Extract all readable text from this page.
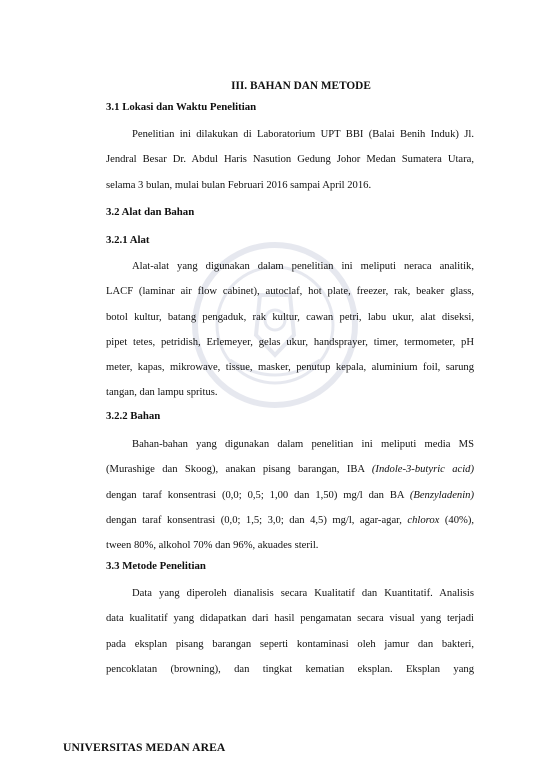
III. BAHAN DAN METODE
3.1 Lokasi dan Waktu Penelitian
Penelitian ini dilakukan di Laboratorium UPT BBI (Balai Benih Induk) Jl.
Jendral Besar Dr. Abdul Haris Nasution Gedung Johor Medan Sumatera Utara,
selama 3 bulan, mulai bulan Februari 2016 sampai April 2016.
3.2 Alat dan Bahan
3.2.1 Alat
Alat-alat yang digunakan dalam penelitian ini meliputi neraca analitik,
LACF (laminar air flow cabinet), autoclaf, hot plate, freezer, rak, beaker glass,
botol kultur, batang pengaduk, rak kultur, cawan petri, labu ukur, alat diseksi,
pipet tetes, petridish, Erlemeyer, gelas ukur, handsprayer, timer, termometer, pH
meter, kapas, mikrowave, tissue, masker, penutup kepala, aluminium foil, sarung
tangan, dan lampu spritus.
3.2.2 Bahan
Bahan-bahan yang digunakan dalam penelitian ini meliputi media MS
(Murashige dan Skoog), anakan pisang barangan, IBA (Indole-3-butyric acid)
dengan taraf konsentrasi (0,0; 0,5; 1,00 dan 1,50) mg/l dan BA (Benzyladenin)
dengan taraf konsentrasi (0,0; 1,5; 3,0; dan 4,5) mg/l, agar-agar, chlorox (40%),
tween 80%, alkohol 70% dan 96%, akuades steril.
3.3 Metode Penelitian
Data yang diperoleh dianalisis secara Kualitatif dan Kuantitatif. Analisis
data kualitatif yang didapatkan dari hasil pengamatan secara visual yang terjadi
pada eksplan pisang barangan seperti kontaminasi oleh jamur dan bakteri,
pencoklatan (browning), dan tingkat kematian eksplan. Eksplan yang
UNIVERSITAS MEDAN AREA
